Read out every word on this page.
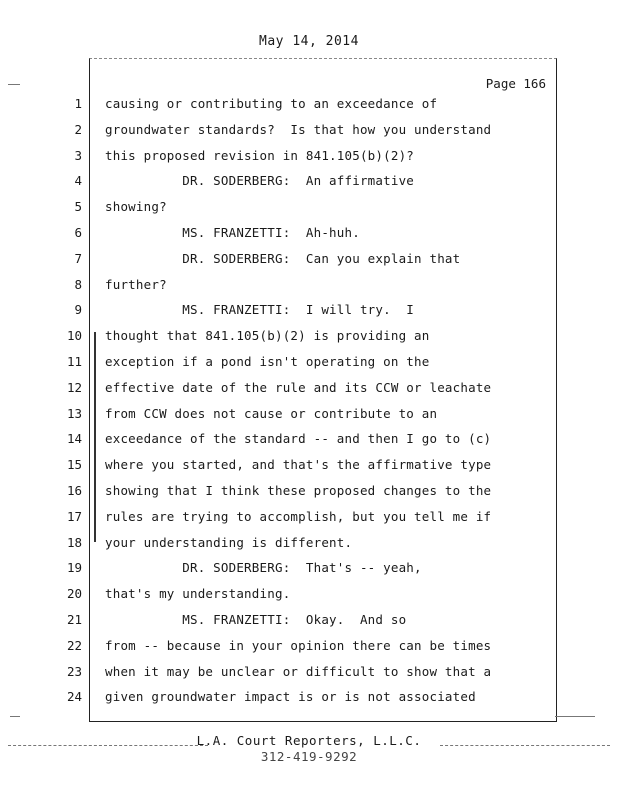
May 14, 2014
Page 166
1 causing or contributing to an exceedance of
2 groundwater standards?  Is that how you understand
3 this proposed revision in 841.105(b)(2)?
4 DR. SODERBERG:  An affirmative
5 showing?
6 MS. FRANZETTI:  Ah-huh.
7 DR. SODERBERG:  Can you explain that
8 further?
9 MS. FRANZETTI:  I will try.  I
10 thought that 841.105(b)(2) is providing an
11 exception if a pond isn't operating on the
12 effective date of the rule and its CCW or leachate
13 from CCW does not cause or contribute to an
14 exceedance of the standard -- and then I go to (c)
15 where you started, and that's the affirmative type
16 showing that I think these proposed changes to the
17 rules are trying to accomplish, but you tell me if
18 your understanding is different.
19 DR. SODERBERG:  That's -- yeah,
20 that's my understanding.
21 MS. FRANZETTI:  Okay.  And so
22 from -- because in your opinion there can be times
23 when it may be unclear or difficult to show that a
24 given groundwater impact is or is not associated
L.A. Court Reporters, L.L.C.
312-419-9292
